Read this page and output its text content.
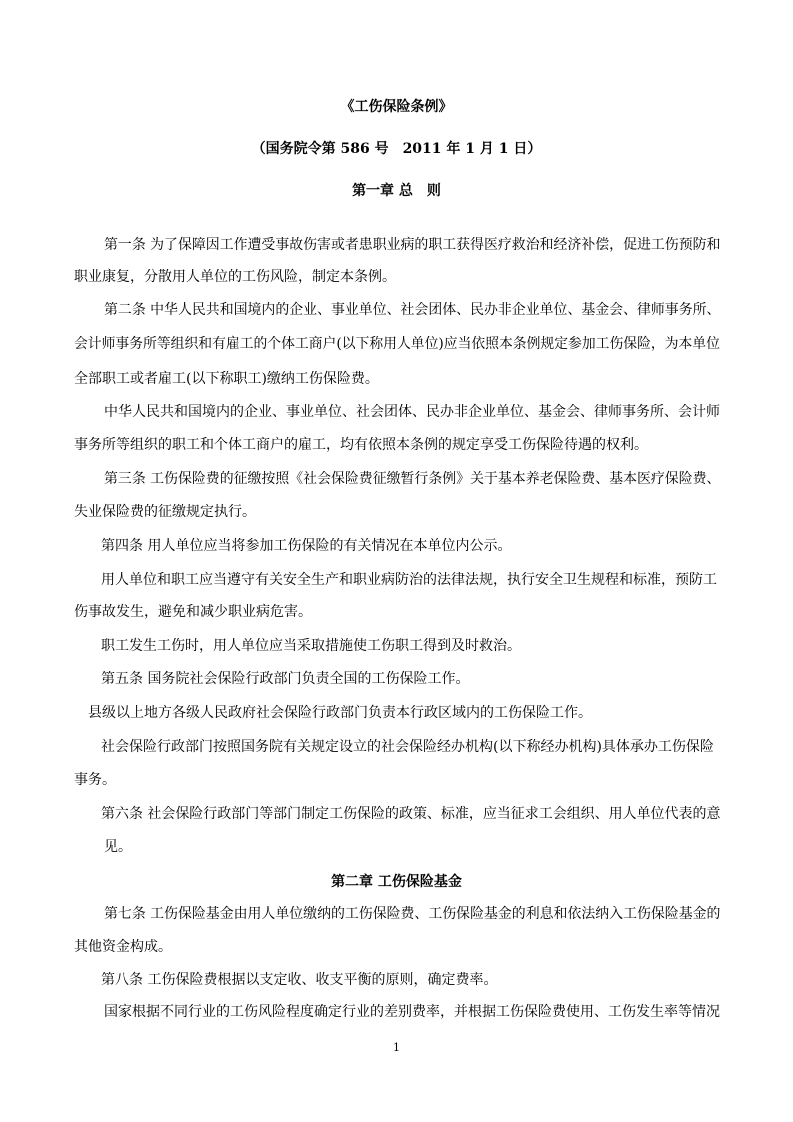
《工伤保险条例》
（国务院令第 586 号　2011 年 1 月 1 日）
第一章 总　则
第一条 为了保障因工作遭受事故伤害或者患职业病的职工获得医疗救治和经济补偿，促进工伤预防和
职业康复，分散用人单位的工伤风险，制定本条例。
第二条 中华人民共和国境内的企业、事业单位、社会团体、民办非企业单位、基金会、律师事务所、
会计师事务所等组织和有雇工的个体工商户(以下称用人单位)应当依照本条例规定参加工伤保险，为本单位
全部职工或者雇工(以下称职工)缴纳工伤保险费。
中华人民共和国境内的企业、事业单位、社会团体、民办非企业单位、基金会、律师事务所、会计师
事务所等组织的职工和个体工商户的雇工，均有依照本条例的规定享受工伤保险待遇的权利。
第三条 工伤保险费的征缴按照《社会保险费征缴暂行条例》关于基本养老保险费、基本医疗保险费、
失业保险费的征缴规定执行。
第四条 用人单位应当将参加工伤保险的有关情况在本单位内公示。
用人单位和职工应当遵守有关安全生产和职业病防治的法律法规，执行安全卫生规程和标准，预防工
伤事故发生，避免和减少职业病危害。
职工发生工伤时，用人单位应当采取措施使工伤职工得到及时救治。
第五条 国务院社会保险行政部门负责全国的工伤保险工作。
县级以上地方各级人民政府社会保险行政部门负责本行政区域内的工伤保险工作。
社会保险行政部门按照国务院有关规定设立的社会保险经办机构(以下称经办机构)具体承办工伤保险
事务。
第六条 社会保险行政部门等部门制定工伤保险的政策、标准，应当征求工会组织、用人单位代表的意
见。
第二章 工伤保险基金
第七条 工伤保险基金由用人单位缴纳的工伤保险费、工伤保险基金的利息和依法纳入工伤保险基金的
其他资金构成。
第八条 工伤保险费根据以支定收、收支平衡的原则，确定费率。
国家根据不同行业的工伤风险程度确定行业的差别费率，并根据工伤保险费使用、工伤发生率等情况
1
